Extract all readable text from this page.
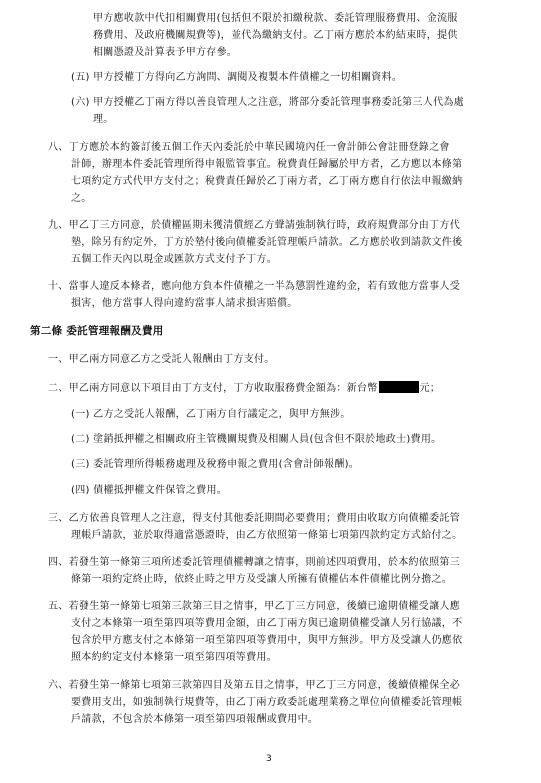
甲方應收款中代扣相關費用(包括但不限於扣繳稅款、委託管理服務費用、金流服
務費用、及政府機關規費等)，並代為繳納支付。乙丁兩方應於本約結束時，提供
相關憑證及計算表予甲方存參。
(五) 甲方授權丁方得向乙方詢問、調閱及複製本件債權之一切相關資料。
(六) 甲方授權乙丁兩方得以善良管理人之注意，將部分委託管理事務委託第三人代為處
理。
八、丁方應於本約簽訂後五個工作天內委託於中華民國境內任一會計師公會註冊登錄之會
計師，辦理本件委託管理所得申報監管事宜。稅費責任歸屬於甲方者，乙方應以本條第
七項約定方式代甲方支付之；稅費責任歸於乙丁兩方者，乙丁兩方應自行依法申報繳納
之。
九、甲乙丁三方同意，於債權區期未獲清償經乙方聲請強制執行時，政府規費部分由丁方代
墊，除另有約定外，丁方於墊付後向債權委託管理帳戶請款。乙方應於收到請款文件後
五個工作天內以現金或匯款方式支付予丁方。
十、當事人違反本條者，應向他方負本件債權之一半為懲罰性違約金，若有致他方當事人受
損害，他方當事人得向違約當事人請求損害賠償。
第二條 委託管理報酬及費用
一、甲乙兩方同意乙方之受託人報酬由丁方支付。
二、甲乙兩方同意以下項目由丁方支付，丁方收取服務費金額為：新台幣	元；
(一) 乙方之受託人報酬，乙丁兩方自行議定之，與甲方無涉。
(二) 塗銷抵押權之相關政府主管機關規費及相關人員(包含但不限於地政士)費用。
(三) 委託管理所得帳務處理及稅務申報之費用(含會計師報酬)。
(四) 債權抵押權文件保管之費用。
三、乙方依善良管理人之注意，得支付其他委託期間必要費用；費用由收取方向債權委託管
理帳戶請款，並於取得適當憑證時，由乙方依照第一條第七項第四款約定方式給付之。
四、若發生第一條第三項所述委託管理債權轉讓之情事，則前述四項費用，於本約依照第三
條第一項約定終止時，依終止時之甲方及受讓人所擁有債權佔本件債權比例分擔之。
五、若發生第一條第七項第三款第三目之情事，甲乙丁三方同意，後續已逾期債權受讓人應
支付之本條第一項至第四項等費用金額，由乙丁兩方與已逾期債權受讓人另行協議，不
包含於甲方應支付之本條第一項至第四項等費用中，與甲方無涉。甲方及受讓人仍應依
照本約約定支付本條第一項至第四項等費用。
六、若發生第一條第七項第三款第四目及第五目之情事，甲乙丁三方同意，後續債權保全必
要費用支出，如強制執行規費等，由乙丁兩方政委託處理業務之單位向債權委託管理帳
戶請款，不包含於本條第一項至第四項報酬或費用中。
3
